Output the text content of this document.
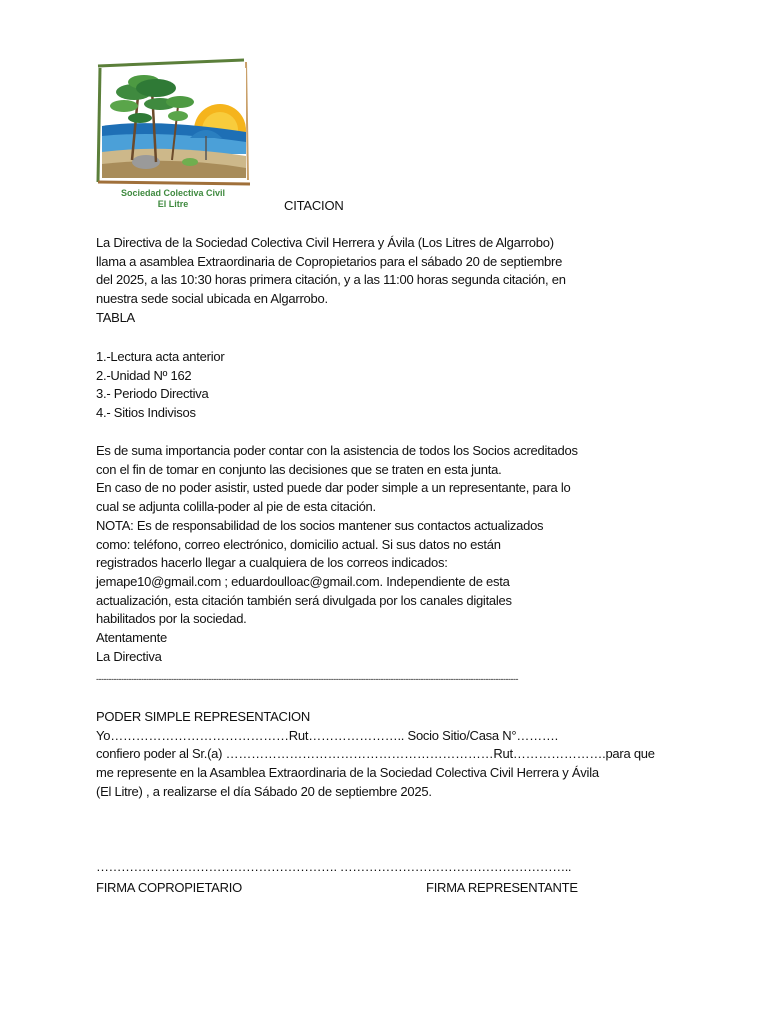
Sociedad Colectiva Civil
El Litre	CITACION
La Directiva de la Sociedad Colectiva Civil Herrera y Ávila (Los Litres de Algarrobo)
llama a asamblea Extraordinaria de Copropietarios para el sábado 20 de septiembre
del 2025, a las 10:30 horas primera citación, y a las 11:00 horas segunda citación, en
nuestra sede social ubicada en Algarrobo.
TABLA
1.-Lectura acta anterior
2.-Unidad Nº 162
3.- Periodo Directiva
4.- Sitios Indivisos
Es de suma importancia poder contar con la asistencia de todos los Socios acreditados
con el fin de tomar en conjunto las decisiones que se traten en esta junta.
En caso de no poder asistir, usted puede dar poder simple a un representante, para lo
cual se adjunta colilla-poder al pie de esta citación.
NOTA: Es de responsabilidad de los socios mantener sus contactos actualizados
como: teléfono, correo electrónico, domicilio actual. Si sus datos no están
registrados hacerlo llegar a cualquiera de los correos indicados:
jemape10@gmail.com ; eduardoulloac@gmail.com. Independiente de esta
actualización, esta citación también será divulgada por los canales digitales
habilitados por la sociedad.
Atentamente
La Directiva
-------------------------------------------------------------------------------------------------------------------------------------------------------------------------
PODER SIMPLE REPRESENTACION
Yo……………………………………Rut………………….. Socio Sitio/Casa N°……….
confiero poder al Sr.(a) ………………………………………………………Rut………………….para que
me represente en la Asamblea Extraordinaria de la Sociedad Colectiva Civil Herrera y Ávila
(El Litre) , a realizarse el día Sábado 20 de septiembre 2025.
…………………………………………………. ………………………………………………..
FIRMA COPROPIETARIO	FIRMA REPRESENTANTE
